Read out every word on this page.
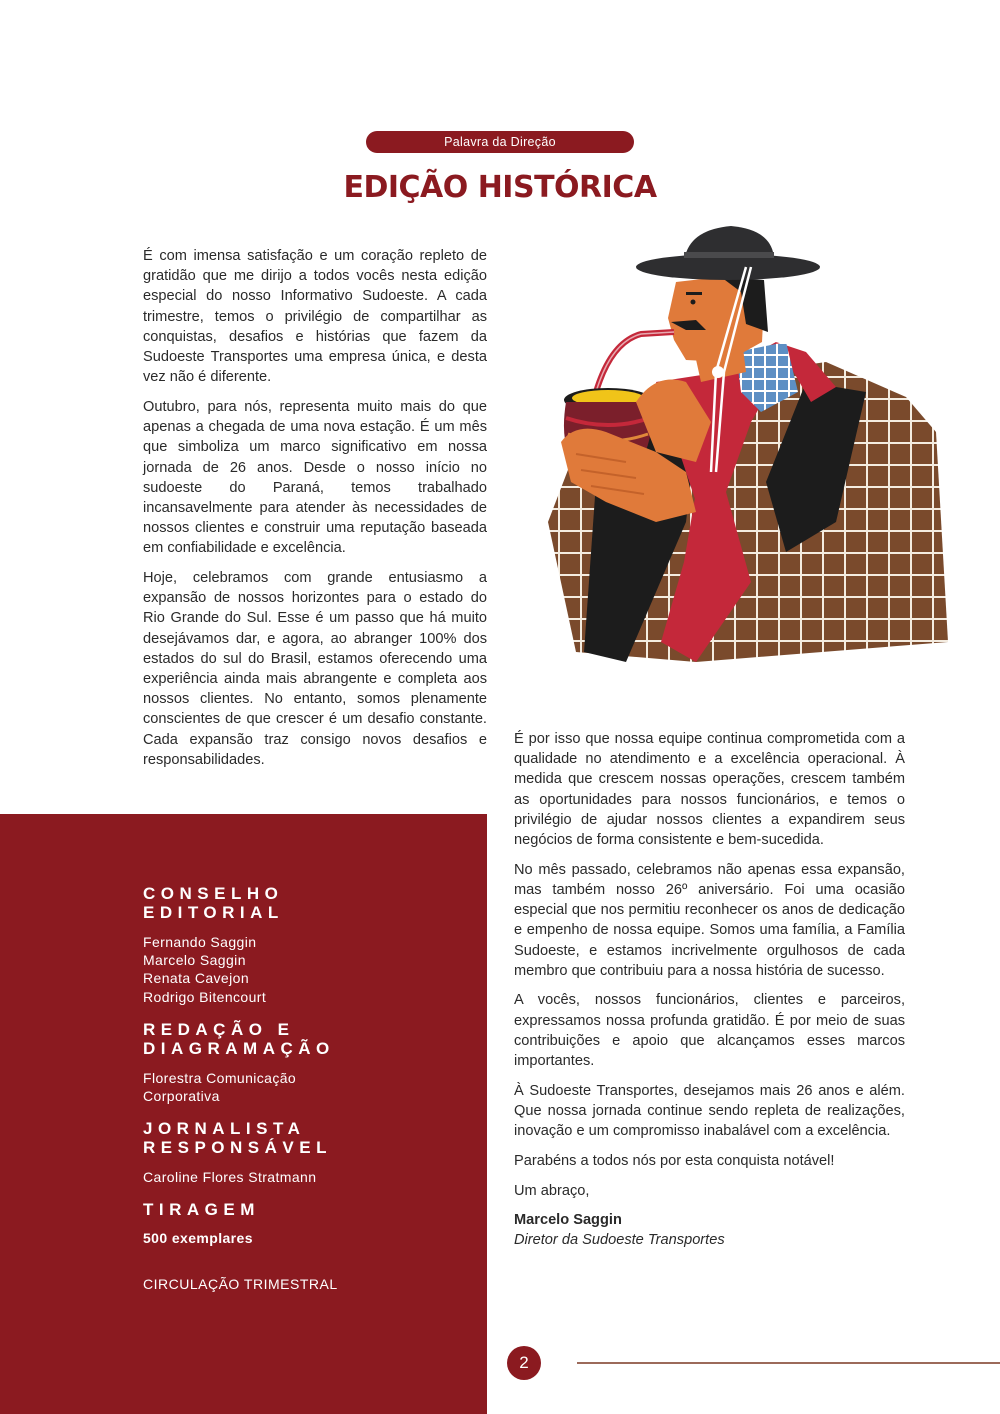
Palavra da Direção
EDIÇÃO HISTÓRICA

É com imensa satisfação e um coração repleto de gratidão que me dirijo a todos vocês nesta edição especial do nosso Informativo Sudoeste. A cada trimestre, temos o privilégio de compartilhar as conquistas, desafios e histórias que fazem da Sudoeste Transportes uma empresa única, e desta vez não é diferente.

Outubro, para nós, representa muito mais do que apenas a chegada de uma nova estação. É um mês que simboliza um marco significativo em nossa jornada de 26 anos. Desde o nosso início no sudoeste do Paraná, temos trabalhado incansavelmente para atender às necessidades de nossos clientes e construir uma reputação baseada em confiabilidade e excelência.

Hoje, celebramos com grande entusiasmo a expansão de nossos horizontes para o estado do Rio Grande do Sul. Esse é um passo que há muito desejávamos dar, e agora, ao abranger 100% dos estados do sul do Brasil, estamos oferecendo uma experiência ainda mais abrangente e completa aos nossos clientes. No entanto, somos plenamente conscientes de que crescer é um desafio constante. Cada expansão traz consigo novos desafios e responsabilidades.

CONSELHO
EDITORIAL
Fernando Saggin
Marcelo Saggin
Renata Cavejon
Rodrigo Bitencourt
REDAÇÃO E
DIAGRAMAÇÃO
Florestra Comunicação
Corporativa
JORNALISTA
RESPONSÁVEL
Caroline Flores Stratmann
TIRAGEM
500 exemplares
CIRCULAÇÃO TRIMESTRAL

É por isso que nossa equipe continua comprometida com a qualidade no atendimento e a excelência operacional. À medida que crescem nossas operações, crescem também as oportunidades para nossos funcionários, e temos o privilégio de ajudar nossos clientes a expandirem seus negócios de forma consistente e bem-sucedida.

No mês passado, celebramos não apenas essa expansão, mas também nosso 26º aniversário. Foi uma ocasião especial que nos permitiu reconhecer os anos de dedicação e empenho de nossa equipe. Somos uma família, a Família Sudoeste, e estamos incrivelmente orgulhosos de cada membro que contribuiu para a nossa história de sucesso.

A vocês, nossos funcionários, clientes e parceiros, expressamos nossa profunda gratidão. É por meio de suas contribuições e apoio que alcançamos esses marcos importantes.

À Sudoeste Transportes, desejamos mais 26 anos e além. Que nossa jornada continue sendo repleta de realizações, inovação e um compromisso inabalável com a excelência.

Parabéns a todos nós por esta conquista notável!

Um abraço,

Marcelo Saggin

Diretor da Sudoeste Transportes

2
